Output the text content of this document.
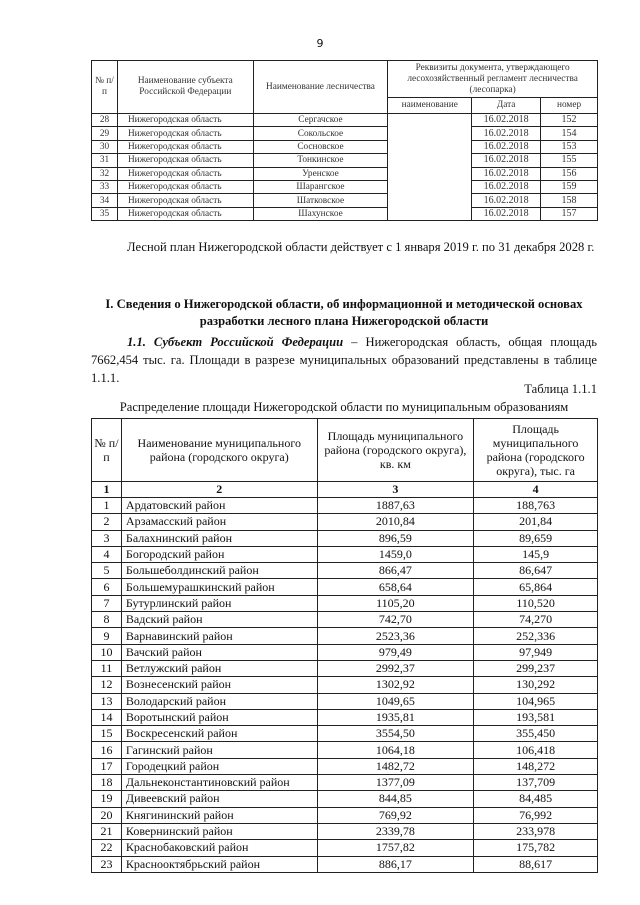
9
№ п/п	Наименование субъекта Российской Федерации	Наименование лесничества	Реквизиты документа, утверждающего лесохозяйственный регламент лесничества (лесопарка)		
			наименование	Дата	номер
28	Нижегородская область	Сергачское		16.02.2018	152
29	Нижегородская область	Сокольское		16.02.2018	154
30	Нижегородская область	Сосновское		16.02.2018	153
31	Нижегородская область	Тонкинское		16.02.2018	155
32	Нижегородская область	Уренское		16.02.2018	156
33	Нижегородская область	Шарангское		16.02.2018	159
34	Нижегородская область	Шатковское		16.02.2018	158
35	Нижегородская область	Шахунское		16.02.2018	157
Лесной план Нижегородской области действует с 1 января 2019 г. по 31 декабря 2028 г.
I. Сведения о Нижегородской области, об информационной и методической основах разработки лесного плана Нижегородской области
1.1. Субъект Российской Федерации – Нижегородская область, общая площадь 7662,454 тыс. га. Площади в разрезе муниципальных образований представлены в таблице 1.1.1.
Таблица 1.1.1
Распределение площади Нижегородской области по муниципальным образованиям
№ п/п	Наименование муниципального района (городского округа)	Площадь муниципального района (городского округа), кв. км	Площадь муниципального района (городского округа), тыс. га
1	2	3	4
1	Ардатовский район	1887,63	188,763
2	Арзамасский район	2010,84	201,84
3	Балахнинский район	896,59	89,659
4	Богородский район	1459,0	145,9
5	Большеболдинский район	866,47	86,647
6	Большемурашкинский район	658,64	65,864
7	Бутурлинский район	1105,20	110,520
8	Вадский район	742,70	74,270
9	Варнавинский район	2523,36	252,336
10	Вачский район	979,49	97,949
11	Ветлужский район	2992,37	299,237
12	Вознесенский район	1302,92	130,292
13	Володарский район	1049,65	104,965
14	Воротынский район	1935,81	193,581
15	Воскресенский район	3554,50	355,450
16	Гагинский район	1064,18	106,418
17	Городецкий район	1482,72	148,272
18	Дальнеконстантиновский район	1377,09	137,709
19	Дивеевский район	844,85	84,485
20	Княгининский район	769,92	76,992
21	Ковернинский район	2339,78	233,978
22	Краснобаковский район	1757,82	175,782
23	Краснооктябрьский район	886,17	88,617
